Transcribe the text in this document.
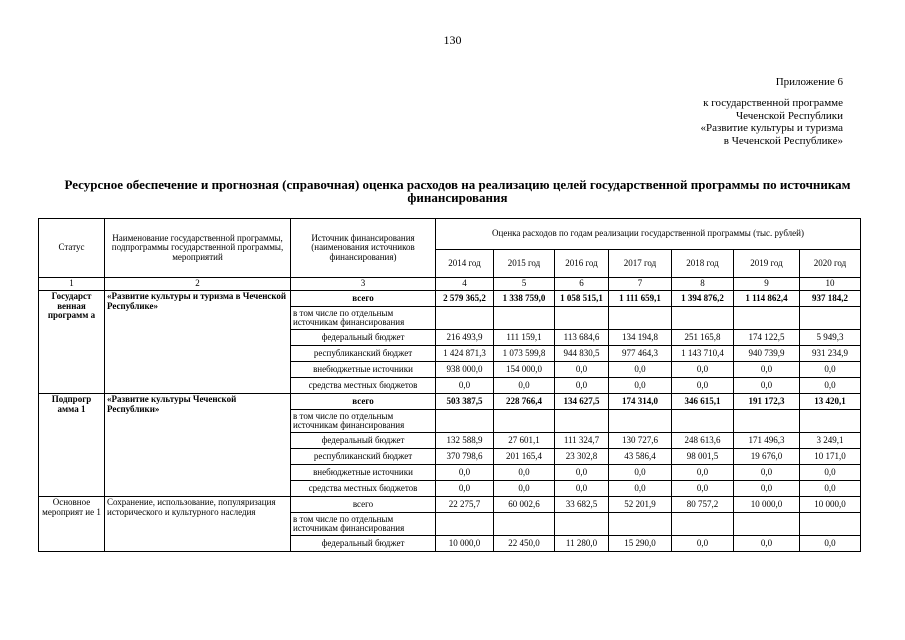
130
Приложение 6
к государственной программе
Чеченской Республики
«Развитие культуры и туризма
в Чеченской Республике»
Ресурсное обеспечение и прогнозная (справочная) оценка расходов на реализацию целей государственной программы по источникам финансирования
Статус	Наименование государственной программы, подпрограммы государственной программы, мероприятий	Источник финансирования (наименования источников финансирования)	Оценка расходов по годам реализации государственной программы (тыс. рублей)						
			2014 год	2015 год	2016 год	2017 год	2018 год	2019 год	2020 год
1	2	3	4	5	6	7	8	9	10
Государст венная программ а	«Развитие культуры и туризма в Чеченской Республике»	всего	2 579 365,2	1 338 759,0	1 058 515,1	1 111 659,1	1 394 876,2	1 114 862,4	937 184,2
		в том числе по отдельным источникам финансирования							
		федеральный бюджет	216 493,9	111 159,1	113 684,6	134 194,8	251 165,8	174 122,5	5 949,3
		республиканский бюджет	1 424 871,3	1 073 599,8	944 830,5	977 464,3	1 143 710,4	940 739,9	931 234,9
		внебюджетные источники	938 000,0	154 000,0	0,0	0,0	0,0	0,0	0,0
		средства местных бюджетов	0,0	0,0	0,0	0,0	0,0	0,0	0,0
Подпрогр амма 1	«Развитие культуры Чеченской Республики»	всего	503 387,5	228 766,4	134 627,5	174 314,0	346 615,1	191 172,3	13 420,1
		в том числе по отдельным источникам финансирования							
		федеральный бюджет	132 588,9	27 601,1	111 324,7	130 727,6	248 613,6	171 496,3	3 249,1
		республиканский бюджет	370 798,6	201 165,4	23 302,8	43 586,4	98 001,5	19 676,0	10 171,0
		внебюджетные источники	0,0	0,0	0,0	0,0	0,0	0,0	0,0
		средства местных бюджетов	0,0	0,0	0,0	0,0	0,0	0,0	0,0
Основное мероприят ие 1	Сохранение, использование, популяризация исторического и культурного наследия	всего	22 275,7	60 002,6	33 682,5	52 201,9	80 757,2	10 000,0	10 000,0
		в том числе по отдельным источникам финансирования							
		федеральный бюджет	10 000,0	22 450,0	11 280,0	15 290,0	0,0	0,0	0,0
